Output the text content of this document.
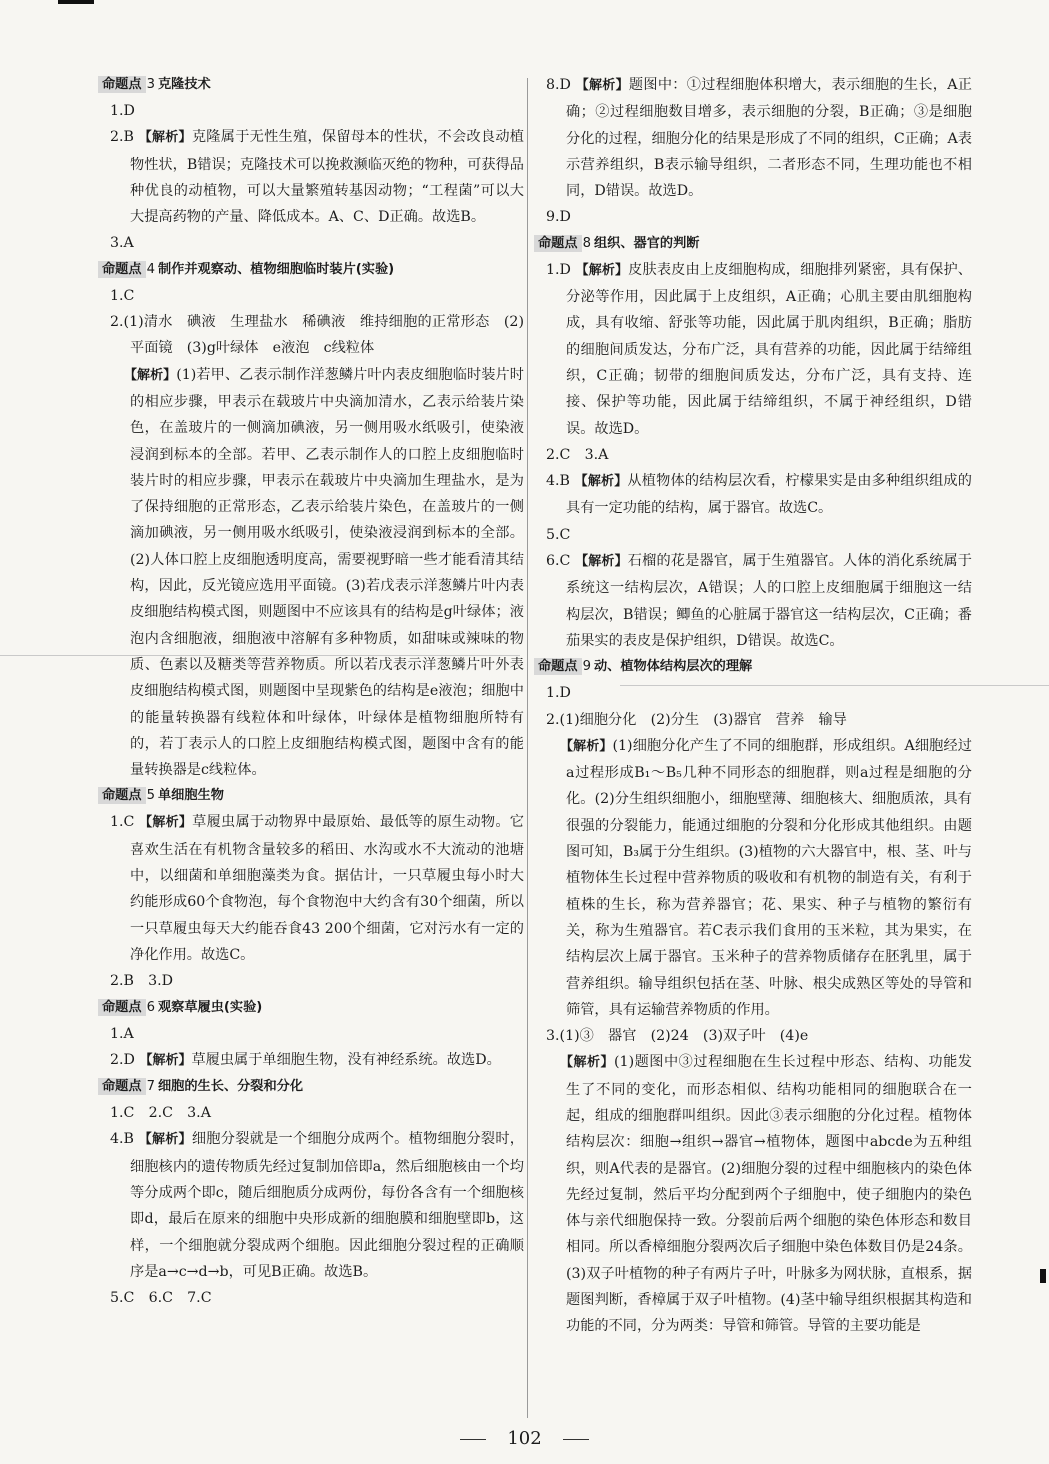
命题点 3 克隆技术

1.D

2.B 【解析】克隆属于无性生殖，保留母本的性状，不会改良动植物性状，B错误；克隆技术可以挽救濒临灭绝的物种，可获得品种优良的动植物，可以大量繁殖转基因动物；“工程菌”可以大大提高药物的产量、降低成本。A、C、D正确。故选B。

3.A

命题点 4 制作并观察动、植物细胞临时装片(实验)

1.C

2.(1)清水　碘液　生理盐水　稀碘液　维持细胞的正常形态　(2)平面镜　(3)g叶绿体　e液泡　c线粒体

【解析】(1)若甲、乙表示制作洋葱鳞片叶内表皮细胞临时装片时的相应步骤，甲表示在载玻片中央滴加清水，乙表示给装片染色，在盖玻片的一侧滴加碘液，另一侧用吸水纸吸引，使染液浸润到标本的全部。若甲、乙表示制作人的口腔上皮细胞临时装片时的相应步骤，甲表示在载玻片中央滴加生理盐水，是为了保持细胞的正常形态，乙表示给装片染色，在盖玻片的一侧滴加碘液，另一侧用吸水纸吸引，使染液浸润到标本的全部。(2)人体口腔上皮细胞透明度高，需要视野暗一些才能看清其结构，因此，反光镜应选用平面镜。(3)若戊表示洋葱鳞片叶内表皮细胞结构模式图，则题图中不应该具有的结构是g叶绿体；液泡内含细胞液，细胞液中溶解有多种物质，如甜味或辣味的物质、色素以及糖类等营养物质。所以若戊表示洋葱鳞片叶外表皮细胞结构模式图，则题图中呈现紫色的结构是e液泡；细胞中的能量转换器有线粒体和叶绿体，叶绿体是植物细胞所特有的，若丁表示人的口腔上皮细胞结构模式图，题图中含有的能量转换器是c线粒体。

命题点 5 单细胞生物

1.C 【解析】草履虫属于动物界中最原始、最低等的原生动物。它喜欢生活在有机物含量较多的稻田、水沟或水不大流动的池塘中，以细菌和单细胞藻类为食。据估计，一只草履虫每小时大约能形成60个食物泡，每个食物泡中大约含有30个细菌，所以一只草履虫每天大约能吞食43 200个细菌，它对污水有一定的净化作用。故选C。

2.B　3.D

命题点 6 观察草履虫(实验)

1.A

2.D 【解析】草履虫属于单细胞生物，没有神经系统。故选D。

命题点 7 细胞的生长、分裂和分化

1.C　2.C　3.A

4.B 【解析】细胞分裂就是一个细胞分成两个。植物细胞分裂时，细胞核内的遗传物质先经过复制加倍即a，然后细胞核由一个均等分成两个即c，随后细胞质分成两份，每份各含有一个细胞核即d，最后在原来的细胞中央形成新的细胞膜和细胞壁即b，这样，一个细胞就分裂成两个细胞。因此细胞分裂过程的正确顺序是a→c→d→b，可见B正确。故选B。

5.C　6.C　7.C

8.D 【解析】题图中：①过程细胞体积增大，表示细胞的生长，A正确；②过程细胞数目增多，表示细胞的分裂，B正确；③是细胞分化的过程，细胞分化的结果是形成了不同的组织，C正确；A表示营养组织，B表示输导组织，二者形态不同，生理功能也不相同，D错误。故选D。

9.D

命题点 8 组织、器官的判断

1.D 【解析】皮肤表皮由上皮细胞构成，细胞排列紧密，具有保护、分泌等作用，因此属于上皮组织，A正确；心肌主要由肌细胞构成，具有收缩、舒张等功能，因此属于肌肉组织，B正确；脂肪的细胞间质发达，分布广泛，具有营养的功能，因此属于结缔组织，C正确；韧带的细胞间质发达，分布广泛，具有支持、连接、保护等功能，因此属于结缔组织，不属于神经组织，D错误。故选D。

2.C　3.A

4.B 【解析】从植物体的结构层次看，柠檬果实是由多种组织组成的具有一定功能的结构，属于器官。故选C。

5.C

6.C 【解析】石榴的花是器官，属于生殖器官。人体的消化系统属于系统这一结构层次，A错误；人的口腔上皮细胞属于细胞这一结构层次，B错误；鲫鱼的心脏属于器官这一结构层次，C正确；番茄果实的表皮是保护组织，D错误。故选C。

命题点 9 动、植物体结构层次的理解

1.D

2.(1)细胞分化　(2)分生　(3)器官　营养　输导

【解析】(1)细胞分化产生了不同的细胞群，形成组织。A细胞经过a过程形成B₁～B₅几种不同形态的细胞群，则a过程是细胞的分化。(2)分生组织细胞小，细胞壁薄、细胞核大、细胞质浓，具有很强的分裂能力，能通过细胞的分裂和分化形成其他组织。由题图可知，B₃属于分生组织。(3)植物的六大器官中，根、茎、叶与植物体生长过程中营养物质的吸收和有机物的制造有关，有利于植株的生长，称为营养器官；花、果实、种子与植物的繁衍有关，称为生殖器官。若C表示我们食用的玉米粒，其为果实，在结构层次上属于器官。玉米种子的营养物质储存在胚乳里，属于营养组织。输导组织包括在茎、叶脉、根尖成熟区等处的导管和筛管，具有运输营养物质的作用。

3.(1)③　器官　(2)24　(3)双子叶　(4)e

【解析】(1)题图中③过程细胞在生长过程中形态、结构、功能发生了不同的变化，而形态相似、结构功能相同的细胞联合在一起，组成的细胞群叫组织。因此③表示细胞的分化过程。植物体结构层次：细胞→组织→器官→植物体，题图中abcde为五种组织，则A代表的是器官。(2)细胞分裂的过程中细胞核内的染色体先经过复制，然后平均分配到两个子细胞中，使子细胞内的染色体与亲代细胞保持一致。分裂前后两个细胞的染色体形态和数目相同。所以香樟细胞分裂两次后子细胞中染色体数目仍是24条。(3)双子叶植物的种子有两片子叶，叶脉多为网状脉，直根系，据题图判断，香樟属于双子叶植物。(4)茎中输导组织根据其构造和功能的不同，分为两类：导管和筛管。导管的主要功能是

102
